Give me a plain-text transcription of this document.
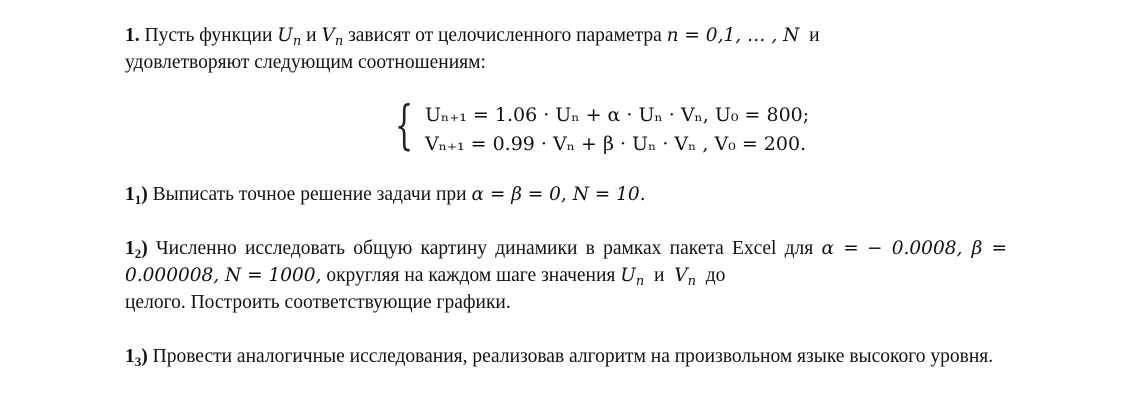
1. Пусть функции $U_n$ и $V_n$ зависят от целочисленного параметра n = 0,1, … , N и
удовлетворяют следующим соотношениям:
{ Uₙ₊₁ = 1.06 · Uₙ + α · Uₙ · Vₙ, U₀ = 800;
Vₙ₊₁ = 0.99 · Vₙ + β · Uₙ · Vₙ , V₀ = 200.
$1_1$) Выписать точное решение задачи при α = β = 0, N = 10.
$1_2$) Численно исследовать общую картину динамики в рамках пакета Excel для α = − 0.0008, β = 0.000008, N = 1000, округляя на каждом шаге значения $U_n$ и $V_n$ до
целого. Построить соответствующие графики.
$1_3$) Провести аналогичные исследования, реализовав алгоритм на произвольном языке высокого уровня.
